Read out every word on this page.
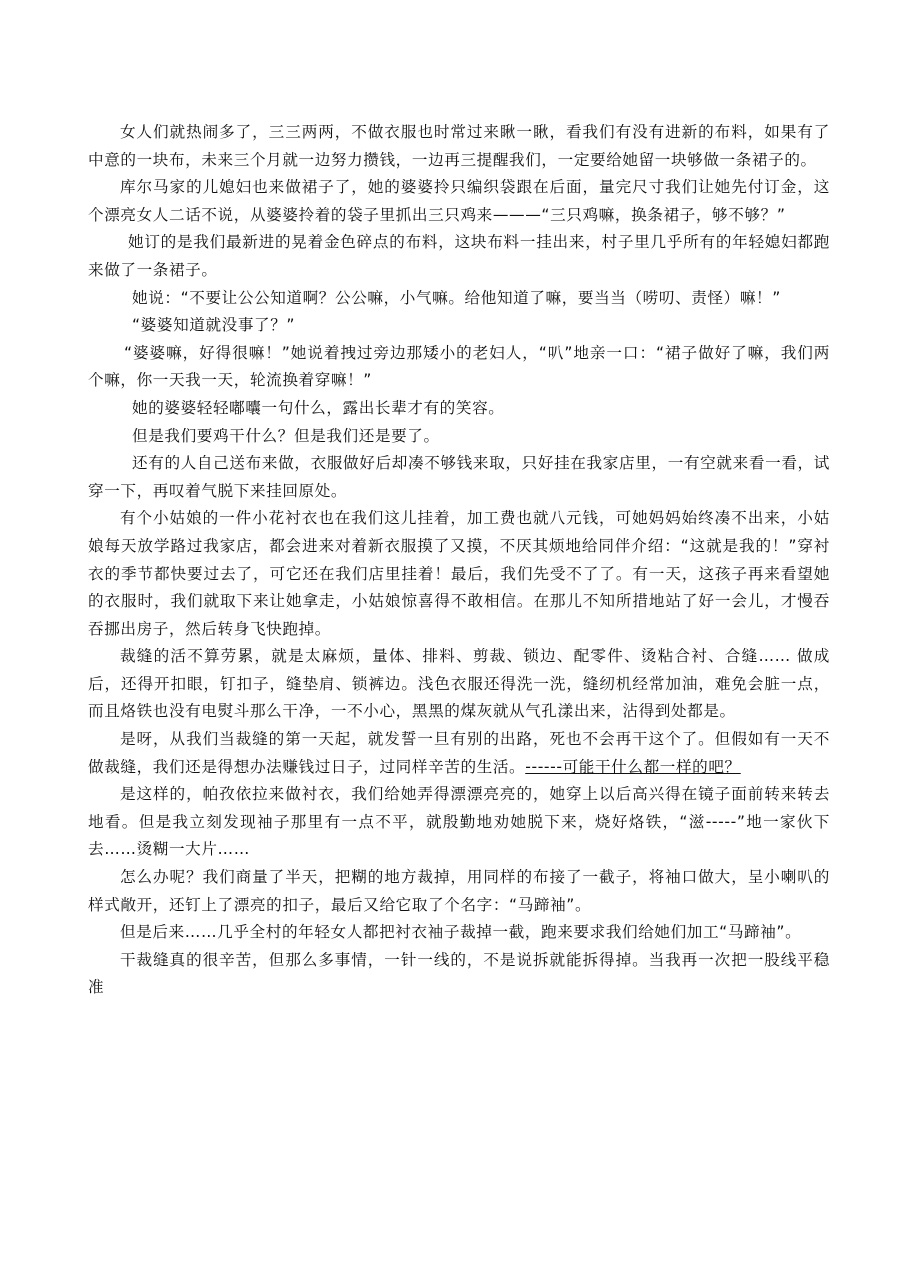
女人们就热闹多了，三三两两，不做衣服也时常过来瞅一瞅，看我们有没有进新的布料，如果有了中意的一块布，未来三个月就一边努力攒钱，一边再三提醒我们，一定要给她留一块够做一条裙子的。

库尔马家的儿媳妇也来做裙子了，她的婆婆拎只编织袋跟在后面，量完尺寸我们让她先付订金，这个漂亮女人二话不说，从婆婆拎着的袋子里抓出三只鸡来———“三只鸡嘛，换条裙子，够不够？”

她订的是我们最新进的晃着金色碎点的布料，这块布料一挂出来，村子里几乎所有的年轻媳妇都跑来做了一条裙子。

她说：“不要让公公知道啊？公公嘛，小气嘛。给他知道了嘛，要当当（唠叨、责怪）嘛！”

“婆婆知道就没事了？”

“婆婆嘛，好得很嘛！”她说着拽过旁边那矮小的老妇人，“叭”地亲一口：“裙子做好了嘛，我们两个嘛，你一天我一天，轮流换着穿嘛！”

她的婆婆轻轻嘟囔一句什么，露出长辈才有的笑容。

但是我们要鸡干什么？但是我们还是要了。

还有的人自己送布来做，衣服做好后却凑不够钱来取，只好挂在我家店里，一有空就来看一看，试穿一下，再叹着气脱下来挂回原处。

有个小姑娘的一件小花衬衣也在我们这儿挂着，加工费也就八元钱，可她妈妈始终凑不出来，小姑娘每天放学路过我家店，都会进来对着新衣服摸了又摸，不厌其烦地给同伴介绍：“这就是我的！”穿衬衣的季节都快要过去了，可它还在我们店里挂着！最后，我们先受不了了。有一天，这孩子再来看望她的衣服时，我们就取下来让她拿走，小姑娘惊喜得不敢相信。在那儿不知所措地站了好一会儿，才慢吞吞挪出房子，然后转身飞快跑掉。

裁缝的活不算劳累，就是太麻烦，量体、排料、剪裁、锁边、配零件、烫粘合衬、合缝…… 做成后，还得开扣眼，钉扣子，缝垫肩、锁裤边。浅色衣服还得洗一洗，缝纫机经常加油，难免会脏一点，而且烙铁也没有电熨斗那么干净，一不小心，黑黑的煤灰就从气孔漾出来，沾得到处都是。

是呀，从我们当裁缝的第一天起，就发誓一旦有别的出路，死也不会再干这个了。但假如有一天不做裁缝，我们还是得想办法赚钱过日子，过同样辛苦的生活。------可能干什么都一样的吧？

是这样的，帕孜依拉来做衬衣，我们给她弄得漂漂亮亮的，她穿上以后高兴得在镜子面前转来转去地看。但是我立刻发现袖子那里有一点不平，就殷勤地劝她脱下来，烧好烙铁，“滋-----”地一家伙下去……烫糊一大片……

怎么办呢？我们商量了半天，把糊的地方裁掉，用同样的布接了一截子，将袖口做大，呈小喇叭的样式敞开，还钉上了漂亮的扣子，最后又给它取了个名字：“马蹄袖”。

但是后来……几乎全村的年轻女人都把衬衣袖子裁掉一截，跑来要求我们给她们加工“马蹄袖”。

干裁缝真的很辛苦，但那么多事情，一针一线的，不是说拆就能拆得掉。当我再一次把一股线平稳准
